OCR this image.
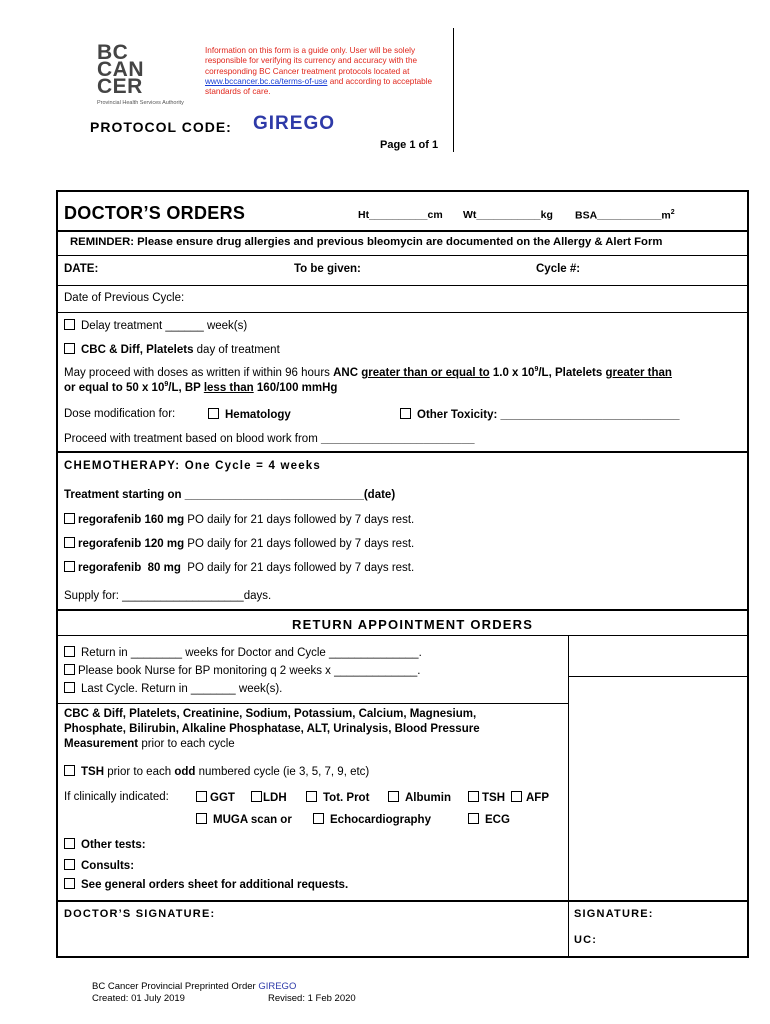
BC
CAN
CER
Provincial Health Services Authority
Information on this form is a guide only. User will be solely responsible for verifying its currency and accuracy with the corresponding BC Cancer treatment protocols located at www.bccancer.bc.ca/terms-of-use and according to acceptable standards of care.
PROTOCOL CODE: GIREGO
Page 1 of 1
DOCTOR’S ORDERS	Ht__________cm Wt___________kg $BSA\_\_\_\_\_\_\_\_\_\_\_m^2$
REMINDER: Please ensure drug allergies and previous bleomycin are documented on the Allergy & Alert Form
DATE:	To be given:	Cycle #:
Date of Previous Cycle:
Delay treatment ______ week(s)
CBC & Diff, Platelets day of treatment
May proceed with doses as written if within 96 hours ANC greater than or equal to 1.0 x $10^9/L$, Platelets greater than
or equal to 50 x $10^9/L$, BP less than 160/100 mmHg
Dose modification for:	Hematology	Other Toxicity: ____________________________
Proceed with treatment based on blood work from ________________________
CHEMOTHERAPY: One Cycle = 4 weeks
Treatment starting on ____________________________(date)
regorafenib 160 mg PO daily for 21 days followed by 7 days rest.
regorafenib 120 mg PO daily for 21 days followed by 7 days rest.
regorafenib  80 mg  PO daily for 21 days followed by 7 days rest.
Supply for: ___________________days.
RETURN APPOINTMENT ORDERS
Return in ________ weeks for Doctor and Cycle ______________.
Please book Nurse for BP monitoring q 2 weeks x _____________.
Last Cycle. Return in _______ week(s).
CBC & Diff, Platelets, Creatinine, Sodium, Potassium, Calcium, Magnesium,
Phosphate, Bilirubin, Alkaline Phosphatase, ALT, Urinalysis, Blood Pressure
Measurement prior to each cycle
TSH prior to each odd numbered cycle (ie 3, 5, 7, 9, etc)
If clinically indicated:	GGT	LDH	Tot. Prot	Albumin	TSH	AFP
MUGA scan or	Echocardiography	ECG
Other tests:
Consults:
See general orders sheet for additional requests.
DOCTOR’S SIGNATURE:	SIGNATURE:
UC:
BC Cancer Provincial Preprinted Order GIREGO
Created: 01 July 2019	Revised: 1 Feb 2020
